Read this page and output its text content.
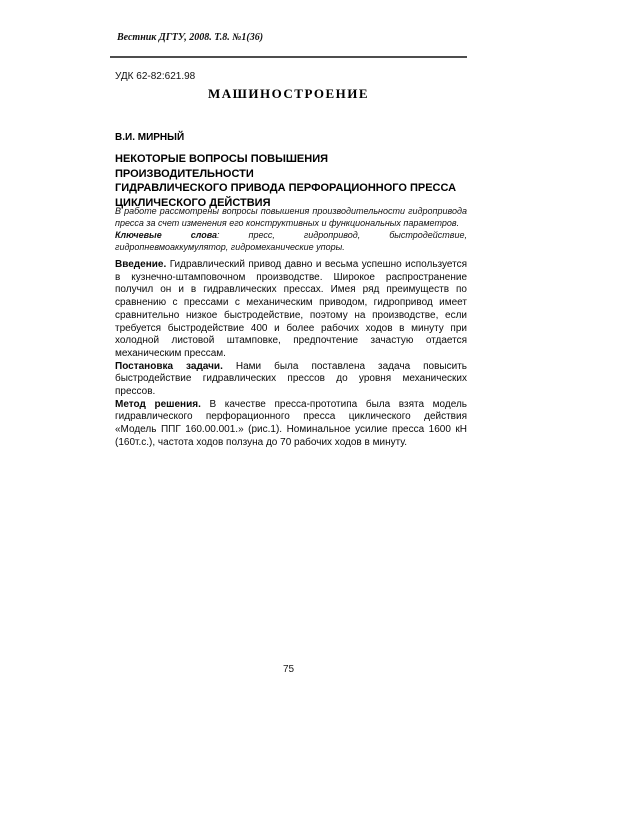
Вестник ДГТУ, 2008. Т.8. №1(36)
УДК 62-82:621.98
МАШИНОСТРОЕНИЕ
В.И. МИРНЫЙ
НЕКОТОРЫЕ ВОПРОСЫ ПОВЫШЕНИЯ ПРОИЗВОДИТЕЛЬНОСТИ
ГИДРАВЛИЧЕСКОГО ПРИВОДА ПЕРФОРАЦИОННОГО ПРЕССА
ЦИКЛИЧЕСКОГО ДЕЙСТВИЯ

В работе рассмотрены вопросы повышения производительности гидропривода пресса за счет изменения его конструктивных и функциональных параметров.

Ключевые слова: пресс, гидропривод, быстродействие, гидропневмоаккумулятор, гидромеханические упоры.

Введение. Гидравлический привод давно и весьма успешно используется в кузнечно-штамповочном производстве. Широкое распространение получил он и в гидравлических прессах. Имея ряд преимуществ по сравнению с прессами с механическим приводом, гидропривод имеет сравнительно низкое быстродействие, поэтому на производстве, если требуется быстродействие 400 и более рабочих ходов в минуту при холодной листовой штамповке, предпочтение зачастую отдается механическим прессам.

Постановка задачи. Нами была поставлена задача повысить быстродействие гидравлических прессов до уровня механических прессов.

Метод решения. В качестве пресса-прототипа была взята модель гидравлического перфорационного пресса циклического действия «Модель ППГ 160.00.001.» (рис.1). Номинальное усилие пресса 1600 кН (160т.с.), частота ходов ползуна до 70 рабочих ходов в минуту.

75
